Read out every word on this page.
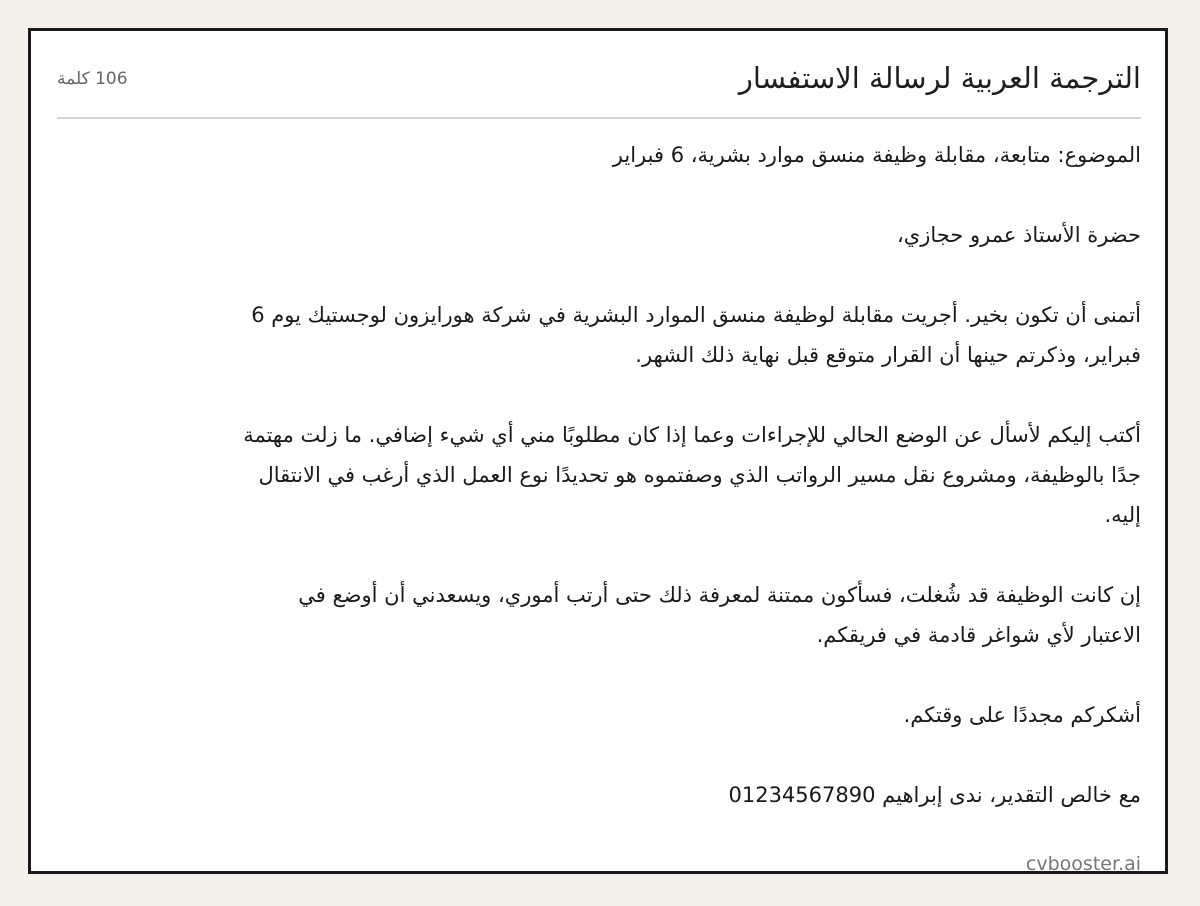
الترجمة العربية لرسالة الاستفسار
106 كلمة

الموضوع: متابعة، مقابلة وظيفة منسق موارد بشرية، 6 فبراير

حضرة الأستاذ عمرو حجازي،

أتمنى أن تكون بخير. أجريت مقابلة لوظيفة منسق الموارد البشرية في شركة هورايزون لوجستيك يوم 6 فبراير، وذكرتم حينها أن القرار متوقع قبل نهاية ذلك الشهر.

أكتب إليكم لأسأل عن الوضع الحالي للإجراءات وعما إذا كان مطلوبًا مني أي شيء إضافي. ما زلت مهتمة جدًا بالوظيفة، ومشروع نقل مسير الرواتب الذي وصفتموه هو تحديدًا نوع العمل الذي أرغب في الانتقال إليه.

إن كانت الوظيفة قد شُغلت، فسأكون ممتنة لمعرفة ذلك حتى أرتب أموري، ويسعدني أن أوضع في الاعتبار لأي شواغر قادمة في فريقكم.

أشكركم مجددًا على وقتكم.

مع خالص التقدير، ندى إبراهيم 01234567890

cvbooster.ai
